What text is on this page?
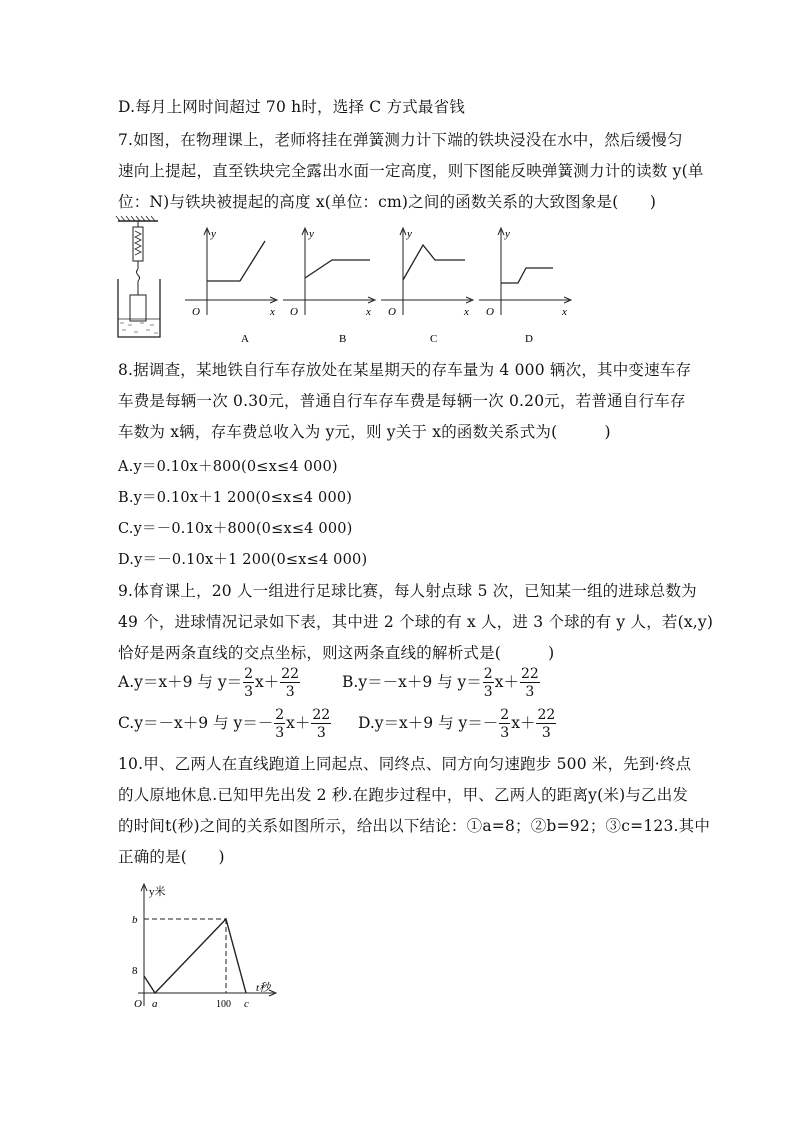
D.每月上网时间超过 70 h时，选择 C 方式最省钱
7.如图，在物理课上，老师将挂在弹簧测力计下端的铁块浸没在水中，然后缓慢匀
速向上提起，直至铁块完全露出水面一定高度，则下图能反映弹簧测力计的读数 y(单
位：N)与铁块被提起的高度 x(单位：cm)之间的函数关系的大致图象是(　　)
y
x
O
A
y
x
O
B
y
x
O
C
y
x
O
D
8.据调查，某地铁自行车存放处在某星期天的存车量为 4 000 辆次，其中变速车存
车费是每辆一次 0.30元，普通自行车存车费是每辆一次 0.20元，若普通自行车存
车数为 x辆，存车费总收入为 y元，则 y关于 x的函数关系式为(　　　)
A.y＝0.10x＋800(0≤x≤4 000)
B.y＝0.10x＋1 200(0≤x≤4 000)
C.y＝－0.10x＋800(0≤x≤4 000)
D.y＝－0.10x＋1 200(0≤x≤4 000)
9.体育课上，20 人一组进行足球比赛，每人射点球 5 次，已知某一组的进球总数为
49 个，进球情况记录如下表，其中进 2 个球的有 x 人，进 3 个球的有 y 人，若(x,y)
恰好是两条直线的交点坐标，则这两条直线的解析式是(　　　)
A.y＝x＋9 与 $y= \frac{2}{3} x+ \frac{22}{3}$	B.y＝－x＋9 与 $y= \frac{2}{3} x+ \frac{22}{3}$
C.y＝－x＋9 与 $y=- \frac{2}{3} x+ \frac{22}{3} D.y=x+9$ 与 $y=- \frac{2}{3} x+ \frac{22}{3}$
10.甲、乙两人在直线跑道上同起点、同终点、同方向匀速跑步 500 米，先到·终点
的人原地休息.已知甲先出发 2 秒.在跑步过程中，甲、乙两人的距离y(米)与乙出发
的时间t(秒)之间的关系如图所示，给出以下结论：①a=8；②b=92；③c=123.其中
正确的是(　　)
y米
t秒
b
8
O a	100 c
